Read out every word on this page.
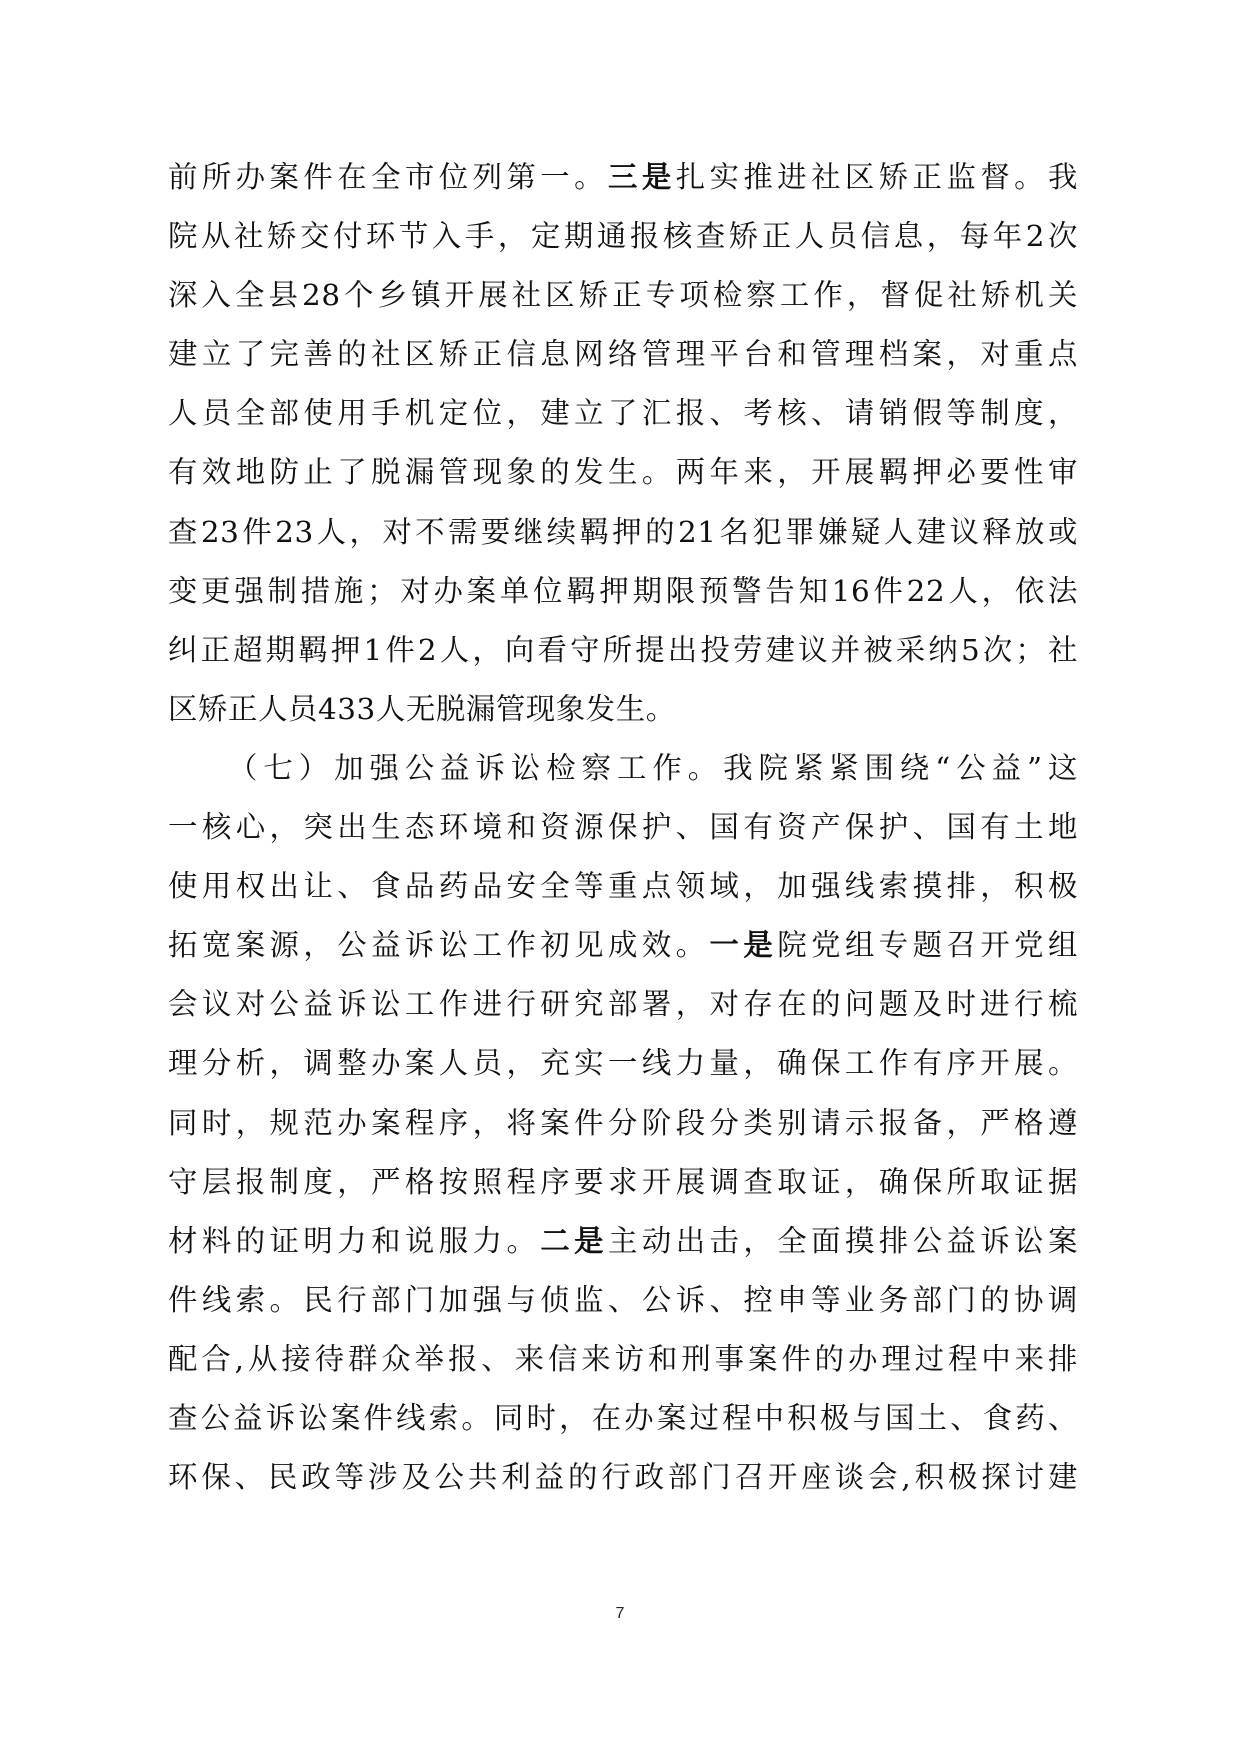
前所办案件在全市位列第一。三是扎实推进社区矫正监督。我
院从社矫交付环节入手，定期通报核查矫正人员信息，每年2次
深入全县28个乡镇开展社区矫正专项检察工作，督促社矫机关
建立了完善的社区矫正信息网络管理平台和管理档案，对重点
人员全部使用手机定位，建立了汇报、考核、请销假等制度，
有效地防止了脱漏管现象的发生。两年来，开展羁押必要性审
查23件23人，对不需要继续羁押的21名犯罪嫌疑人建议释放或
变更强制措施；对办案单位羁押期限预警告知16件22人，依法
纠正超期羁押1件2人，向看守所提出投劳建议并被采纳5次；社
区矫正人员433人无脱漏管现象发生。
（七）加强公益诉讼检察工作。我院紧紧围绕“公益”这
一核心，突出生态环境和资源保护、国有资产保护、国有土地
使用权出让、食品药品安全等重点领域，加强线索摸排，积极
拓宽案源，公益诉讼工作初见成效。一是院党组专题召开党组
会议对公益诉讼工作进行研究部署，对存在的问题及时进行梳
理分析，调整办案人员，充实一线力量，确保工作有序开展。
同时，规范办案程序，将案件分阶段分类别请示报备，严格遵
守层报制度，严格按照程序要求开展调查取证，确保所取证据
材料的证明力和说服力。二是主动出击，全面摸排公益诉讼案
件线索。民行部门加强与侦监、公诉、控申等业务部门的协调
配合,从接待群众举报、来信来访和刑事案件的办理过程中来排
查公益诉讼案件线索。同时，在办案过程中积极与国土、食药、
环保、民政等涉及公共利益的行政部门召开座谈会,积极探讨建
7
